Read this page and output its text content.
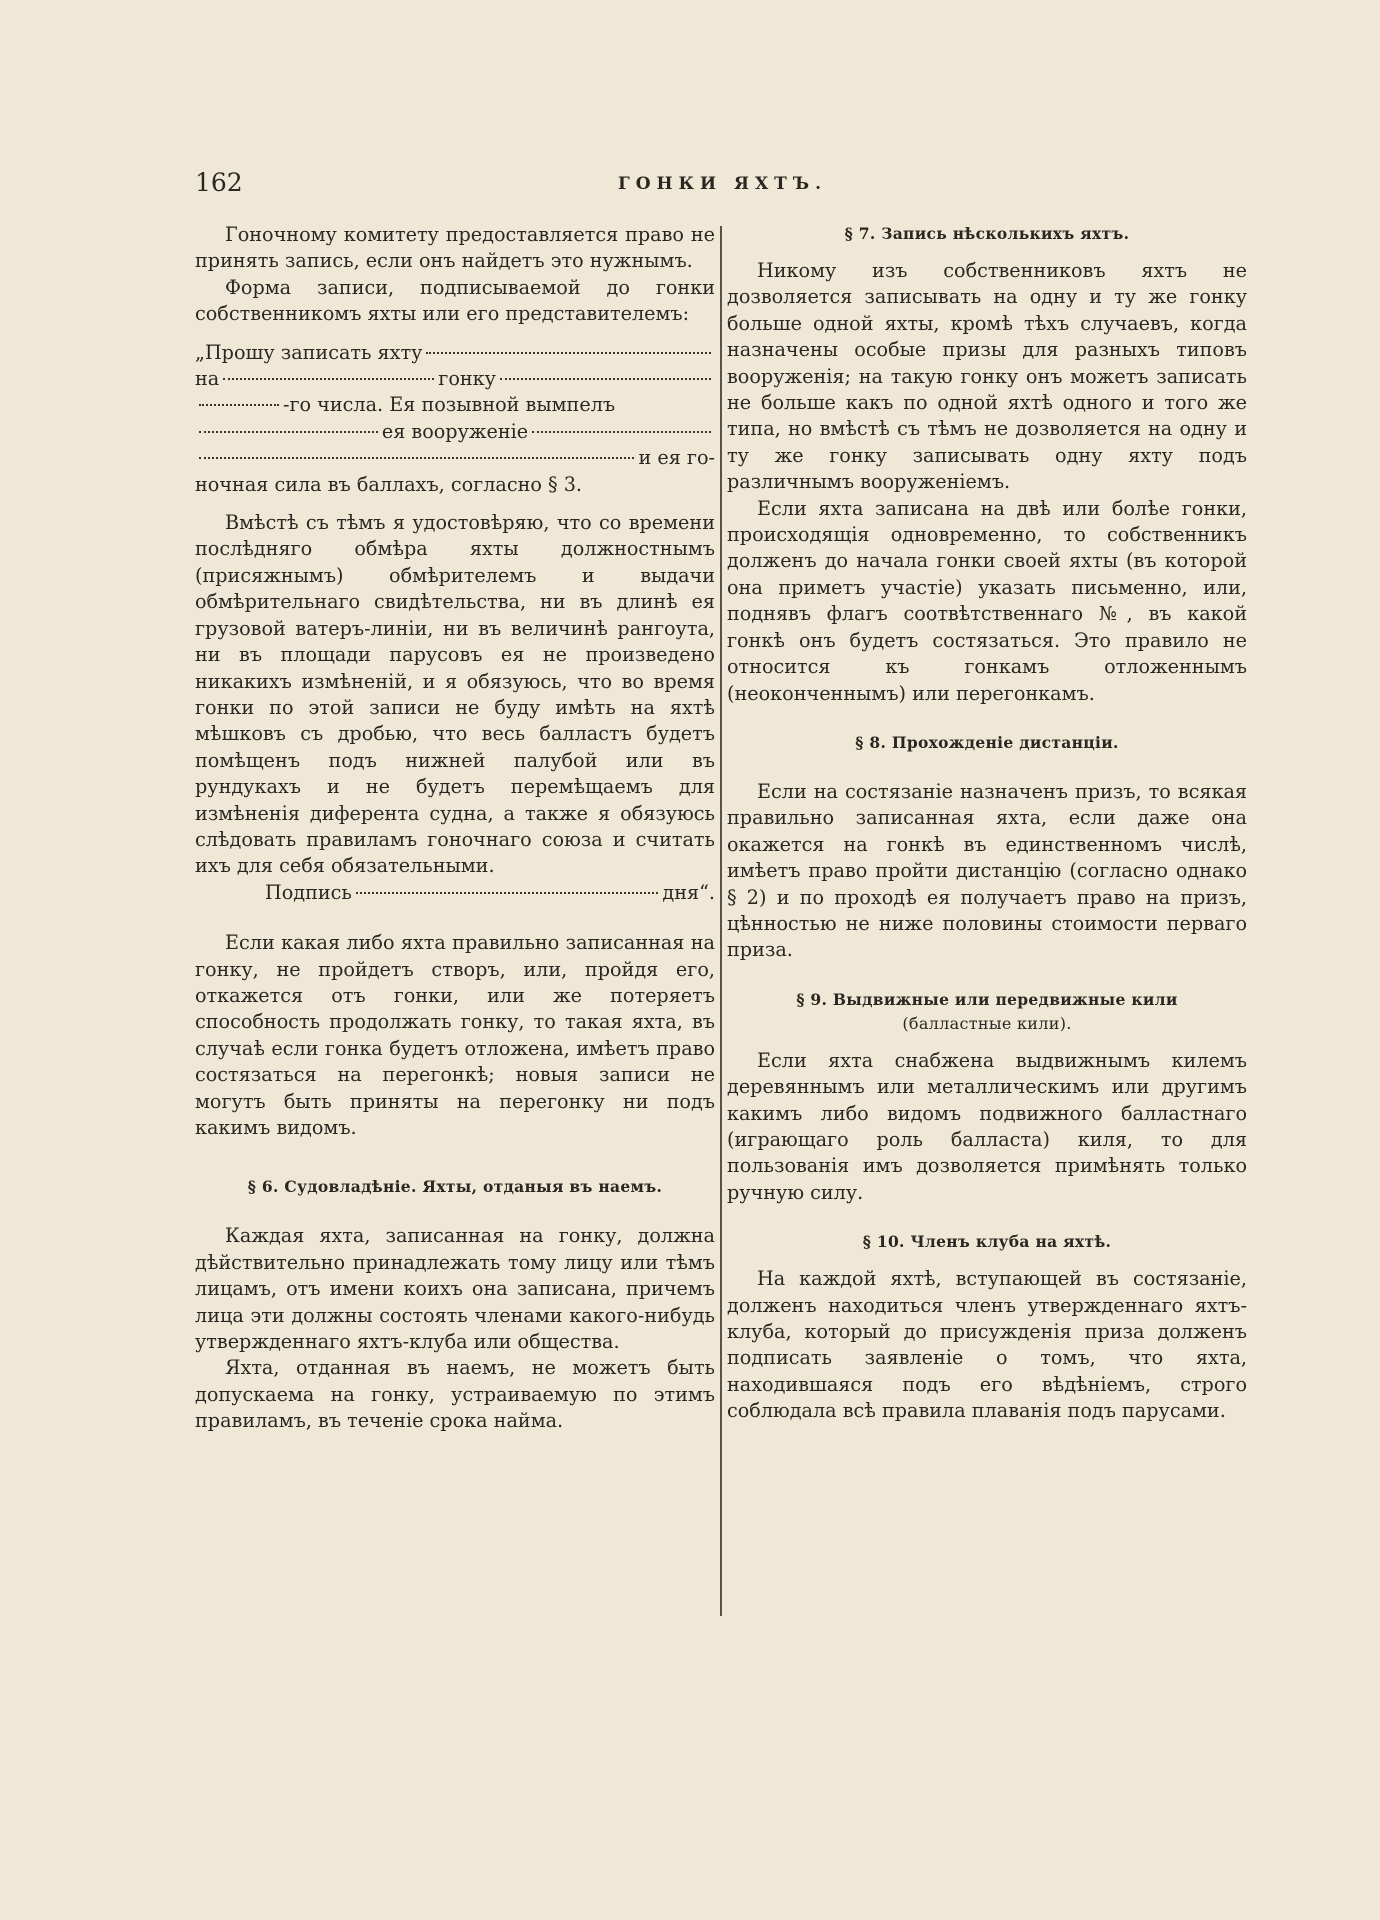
162	ГОНКИ ЯХТЪ.

Гоночному комитету предоставляется право не принять запись, если онъ найдетъ это нужнымъ.

Форма записи, подписываемой до гонки собственникомъ яхты или его представителемъ:

„Прошу записать яхту

на	гонку

-го числа. Ея позывной вымпелъ

ея вооруженіе

и ея го-

ночная сила въ баллахъ, согласно § 3.

Вмѣстѣ съ тѣмъ я удостовѣряю, что со времени послѣдняго обмѣра яхты должностнымъ (присяжнымъ) обмѣрителемъ и выдачи обмѣрительнаго свидѣтельства, ни въ длинѣ ея грузовой ватеръ-линіи, ни въ величинѣ рангоута, ни въ площади парусовъ ея не произведено никакихъ измѣненій, и я обязуюсь, что во время гонки по этой записи не буду имѣть на яхтѣ мѣшковъ съ дробью, что весь балластъ будетъ помѣщенъ подъ нижней палубой или въ рундукахъ и не будетъ перемѣщаемъ для измѣненія диферента судна, а также я обязуюсь слѣдовать правиламъ гоночнаго союза и считать ихъ для себя обязательными.

Подпись	дня“.

Если какая либо яхта правильно записанная на гонку, не пройдетъ створъ, или, пройдя его, откажется отъ гонки, или же потеряетъ способность продолжать гонку, то такая яхта, въ случаѣ если гонка будетъ отложена, имѣетъ право состязаться на перегонкѣ; новыя записи не могутъ быть приняты на перегонку ни подъ какимъ видомъ.

§ 6. Судовладѣніе. Яхты, отданыя въ наемъ.

Каждая яхта, записанная на гонку, должна дѣйствительно принадлежать тому лицу или тѣмъ лицамъ, отъ имени коихъ она записана, причемъ лица эти должны состоять членами какого-нибудь утвержденнаго яхтъ-клуба или общества.

Яхта, отданная въ наемъ, не можетъ быть допускаема на гонку, устраиваемую по этимъ правиламъ, въ теченіе срока найма.

§ 7. Запись нѣсколькихъ яхтъ.

Никому изъ собственниковъ яхтъ не дозволяется записывать на одну и ту же гонку больше одной яхты, кромѣ тѣхъ случаевъ, когда назначены особые призы для разныхъ типовъ вооруженія; на такую гонку онъ можетъ записать не больше какъ по одной яхтѣ одного и того же типа, но вмѣстѣ съ тѣмъ не дозволяется на одну и ту же гонку записывать одну яхту подъ различнымъ вооруженіемъ.

Если яхта записана на двѣ или болѣе гонки, происходящія одновременно, то собственникъ долженъ до начала гонки своей яхты (въ которой она приметъ участіе) указать письменно, или, поднявъ флагъ соотвѣтственнаго №, въ какой гонкѣ онъ будетъ состязаться. Это правило не относится къ гонкамъ отложеннымъ (неоконченнымъ) или перегонкамъ.

§ 8. Прохожденіе дистанціи.

Если на состязаніе назначенъ призъ, то всякая правильно записанная яхта, если даже она окажется на гонкѣ въ единственномъ числѣ, имѣетъ право пройти дистанцію (согласно однако § 2) и по проходѣ ея получаетъ право на призъ, цѣнностью не ниже половины стоимости перваго приза.

§ 9. Выдвижные или передвижные кили
(балластные кили).

Если яхта снабжена выдвижнымъ килемъ деревяннымъ или металлическимъ или другимъ какимъ либо видомъ подвижного балластнаго (играющаго роль балласта) киля, то для пользованія имъ дозволяется примѣнять только ручную силу.

§ 10. Членъ клуба на яхтѣ.

На каждой яхтѣ, вступающей въ состязаніе, долженъ находиться членъ утвержденнаго яхтъ-клуба, который до присужденія приза долженъ подписать заявленіе о томъ, что яхта, находившаяся подъ его вѣдѣніемъ, строго соблюдала всѣ правила плаванія подъ парусами.
